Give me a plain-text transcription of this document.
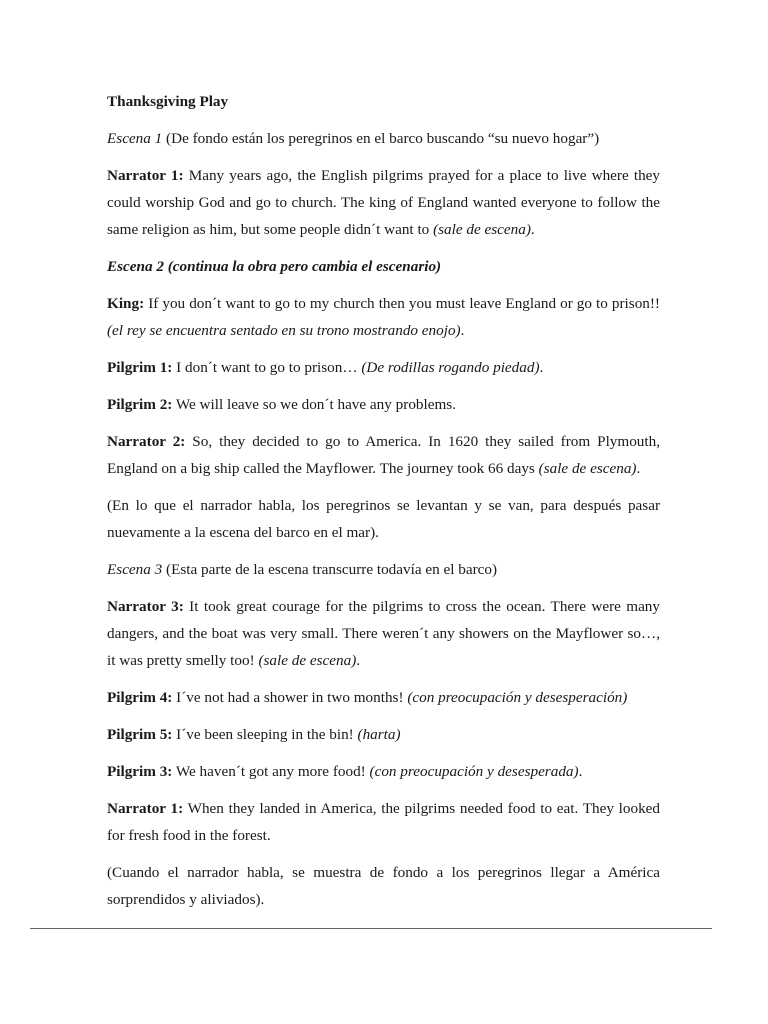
Thanksgiving Play

Escena 1 (De fondo están los peregrinos en el barco buscando “su nuevo hogar”)

Narrator 1: Many years ago, the English pilgrims prayed for a place to live where they could worship God and go to church. The king of England wanted everyone to follow the same religion as him, but some people didn´t want to (sale de escena).

Escena 2 (continua la obra pero cambia el escenario)

King: If you don´t want to go to my church then you must leave England or go to prison!! (el rey se encuentra sentado en su trono mostrando enojo).

Pilgrim 1: I don´t want to go to prison… (De rodillas rogando piedad).

Pilgrim 2: We will leave so we don´t have any problems.

Narrator 2: So, they decided to go to America. In 1620 they sailed from Plymouth, England on a big ship called the Mayflower. The journey took 66 days (sale de escena).

(En lo que el narrador habla, los peregrinos se levantan y se van, para después pasar nuevamente a la escena del barco en el mar).

Escena 3 (Esta parte de la escena transcurre todavía en el barco)

Narrator 3: It took great courage for the pilgrims to cross the ocean. There were many dangers, and the boat was very small. There weren´t any showers on the Mayflower so…, it was pretty smelly too! (sale de escena).

Pilgrim 4: I´ve not had a shower in two months! (con preocupación y desesperación)

Pilgrim 5: I´ve been sleeping in the bin! (harta)

Pilgrim 3: We haven´t got any more food! (con preocupación y desesperada).

Narrator 1: When they landed in America, the pilgrims needed food to eat. They looked for fresh food in the forest.

(Cuando el narrador habla, se muestra de fondo a los peregrinos llegar a América sorprendidos y aliviados).
